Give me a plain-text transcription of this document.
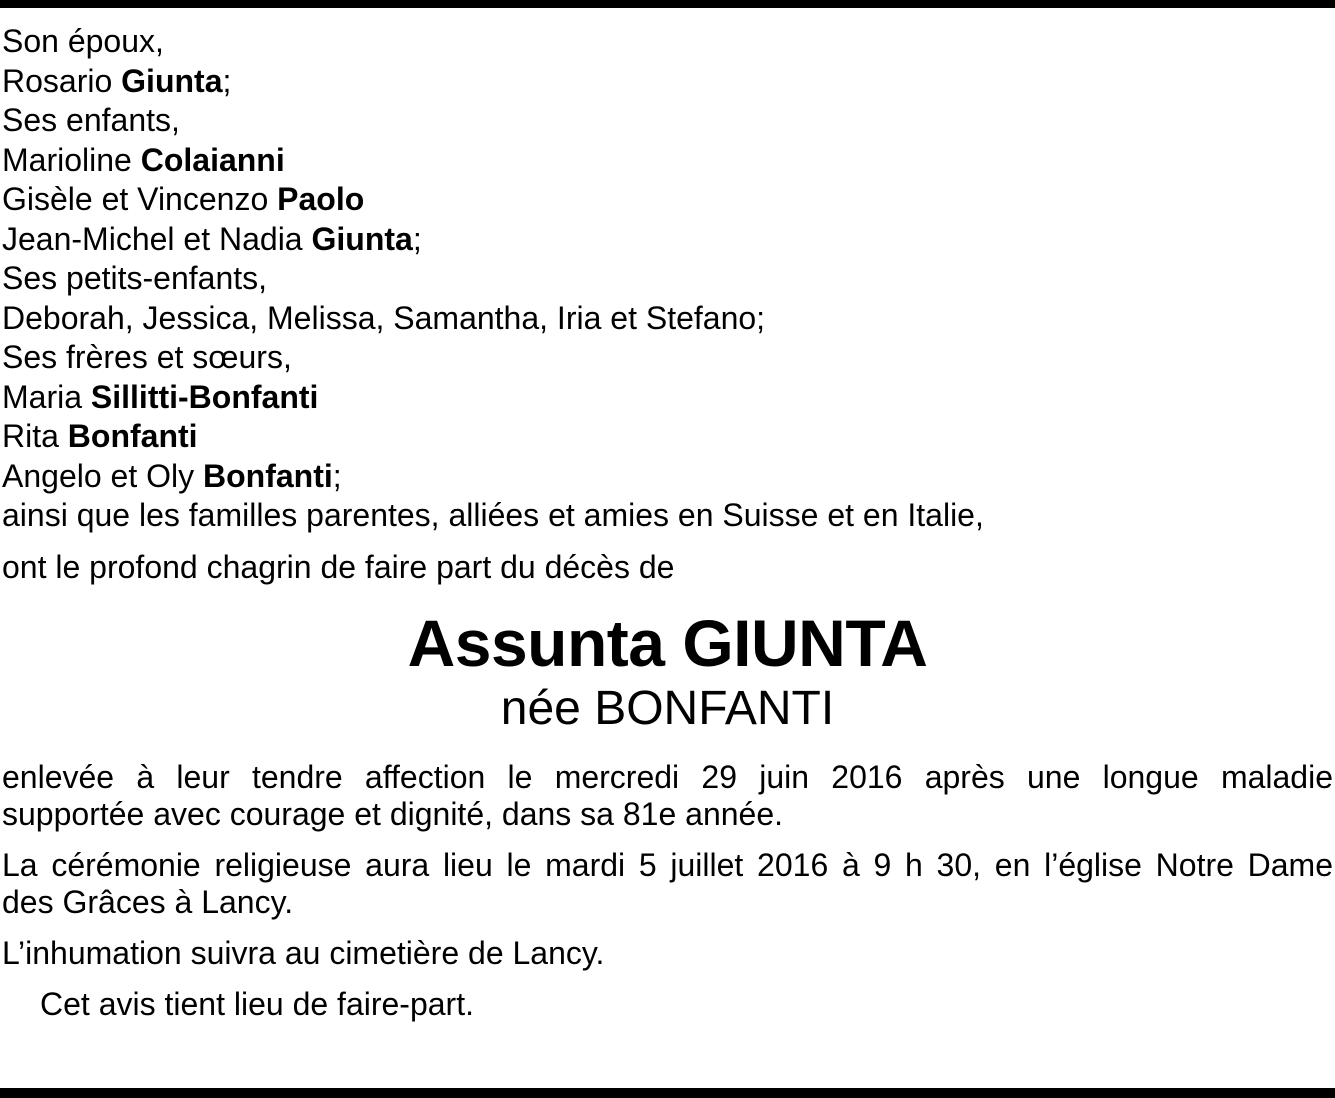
Son époux,
Rosario Giunta;
Ses enfants,
Marioline Colaianni
Gisèle et Vincenzo Paolo
Jean-Michel et Nadia Giunta;
Ses petits-enfants,
Deborah, Jessica, Melissa, Samantha, Iria et Stefano;
Ses frères et sœurs,
Maria Sillitti-Bonfanti
Rita Bonfanti
Angelo et Oly Bonfanti;
ainsi que les familles parentes, alliées et amies en Suisse et en Italie,
ont le profond chagrin de faire part du décès de
Assunta GIUNTA
née BONFANTI
enlevée à leur tendre affection le mercredi 29 juin 2016 après une longue maladie
supportée avec courage et dignité, dans sa 81e année.
La cérémonie religieuse aura lieu le mardi 5 juillet 2016 à 9 h 30, en l’église Notre Dame
des Grâces à Lancy.
L’inhumation suivra au cimetière de Lancy.
Cet avis tient lieu de faire-part.
